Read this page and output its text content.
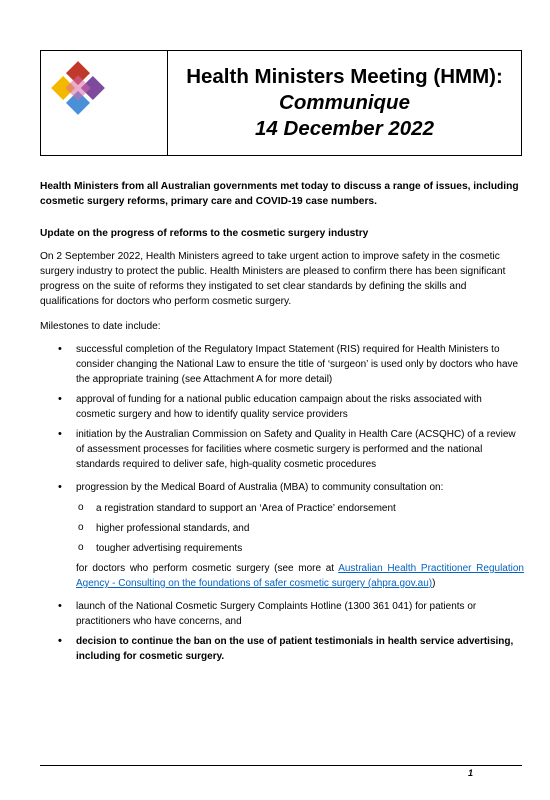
Health Ministers Meeting (HMM):
Communique
14 December 2022
Health Ministers from all Australian governments met today to discuss a range of issues, including cosmetic surgery reforms, primary care and COVID-19 case numbers.
Update on the progress of reforms to the cosmetic surgery industry
On 2 September 2022, Health Ministers agreed to take urgent action to improve safety in the cosmetic surgery industry to protect the public. Health Ministers are pleased to confirm there has been significant progress on the suite of reforms they instigated to set clear standards by defining the skills and qualifications for doctors who perform cosmetic surgery.
Milestones to date include:
• successful completion of the Regulatory Impact Statement (RIS) required for Health Ministers to consider changing the National Law to ensure the title of ‘surgeon’ is used only by doctors who have the appropriate training (see Attachment A for more detail)
• approval of funding for a national public education campaign about the risks associated with cosmetic surgery and how to identify quality service providers
• initiation by the Australian Commission on Safety and Quality in Health Care (ACSQHC) of a review of assessment processes for facilities where cosmetic surgery is performed and the national standards required to deliver safe, high-quality cosmetic procedures
• progression by the Medical Board of Australia (MBA) to community consultation on:
o a registration standard to support an ‘Area of Practice’ endorsement
o higher professional standards, and
o tougher advertising requirements
for doctors who perform cosmetic surgery (see more at Australian Health Practitioner Regulation Agency - Consulting on the foundations of safer cosmetic surgery (ahpra.gov.au))
• launch of the National Cosmetic Surgery Complaints Hotline (1300 361 041) for patients or practitioners who have concerns, and
• decision to continue the ban on the use of patient testimonials in health service advertising, including for cosmetic surgery.
1
